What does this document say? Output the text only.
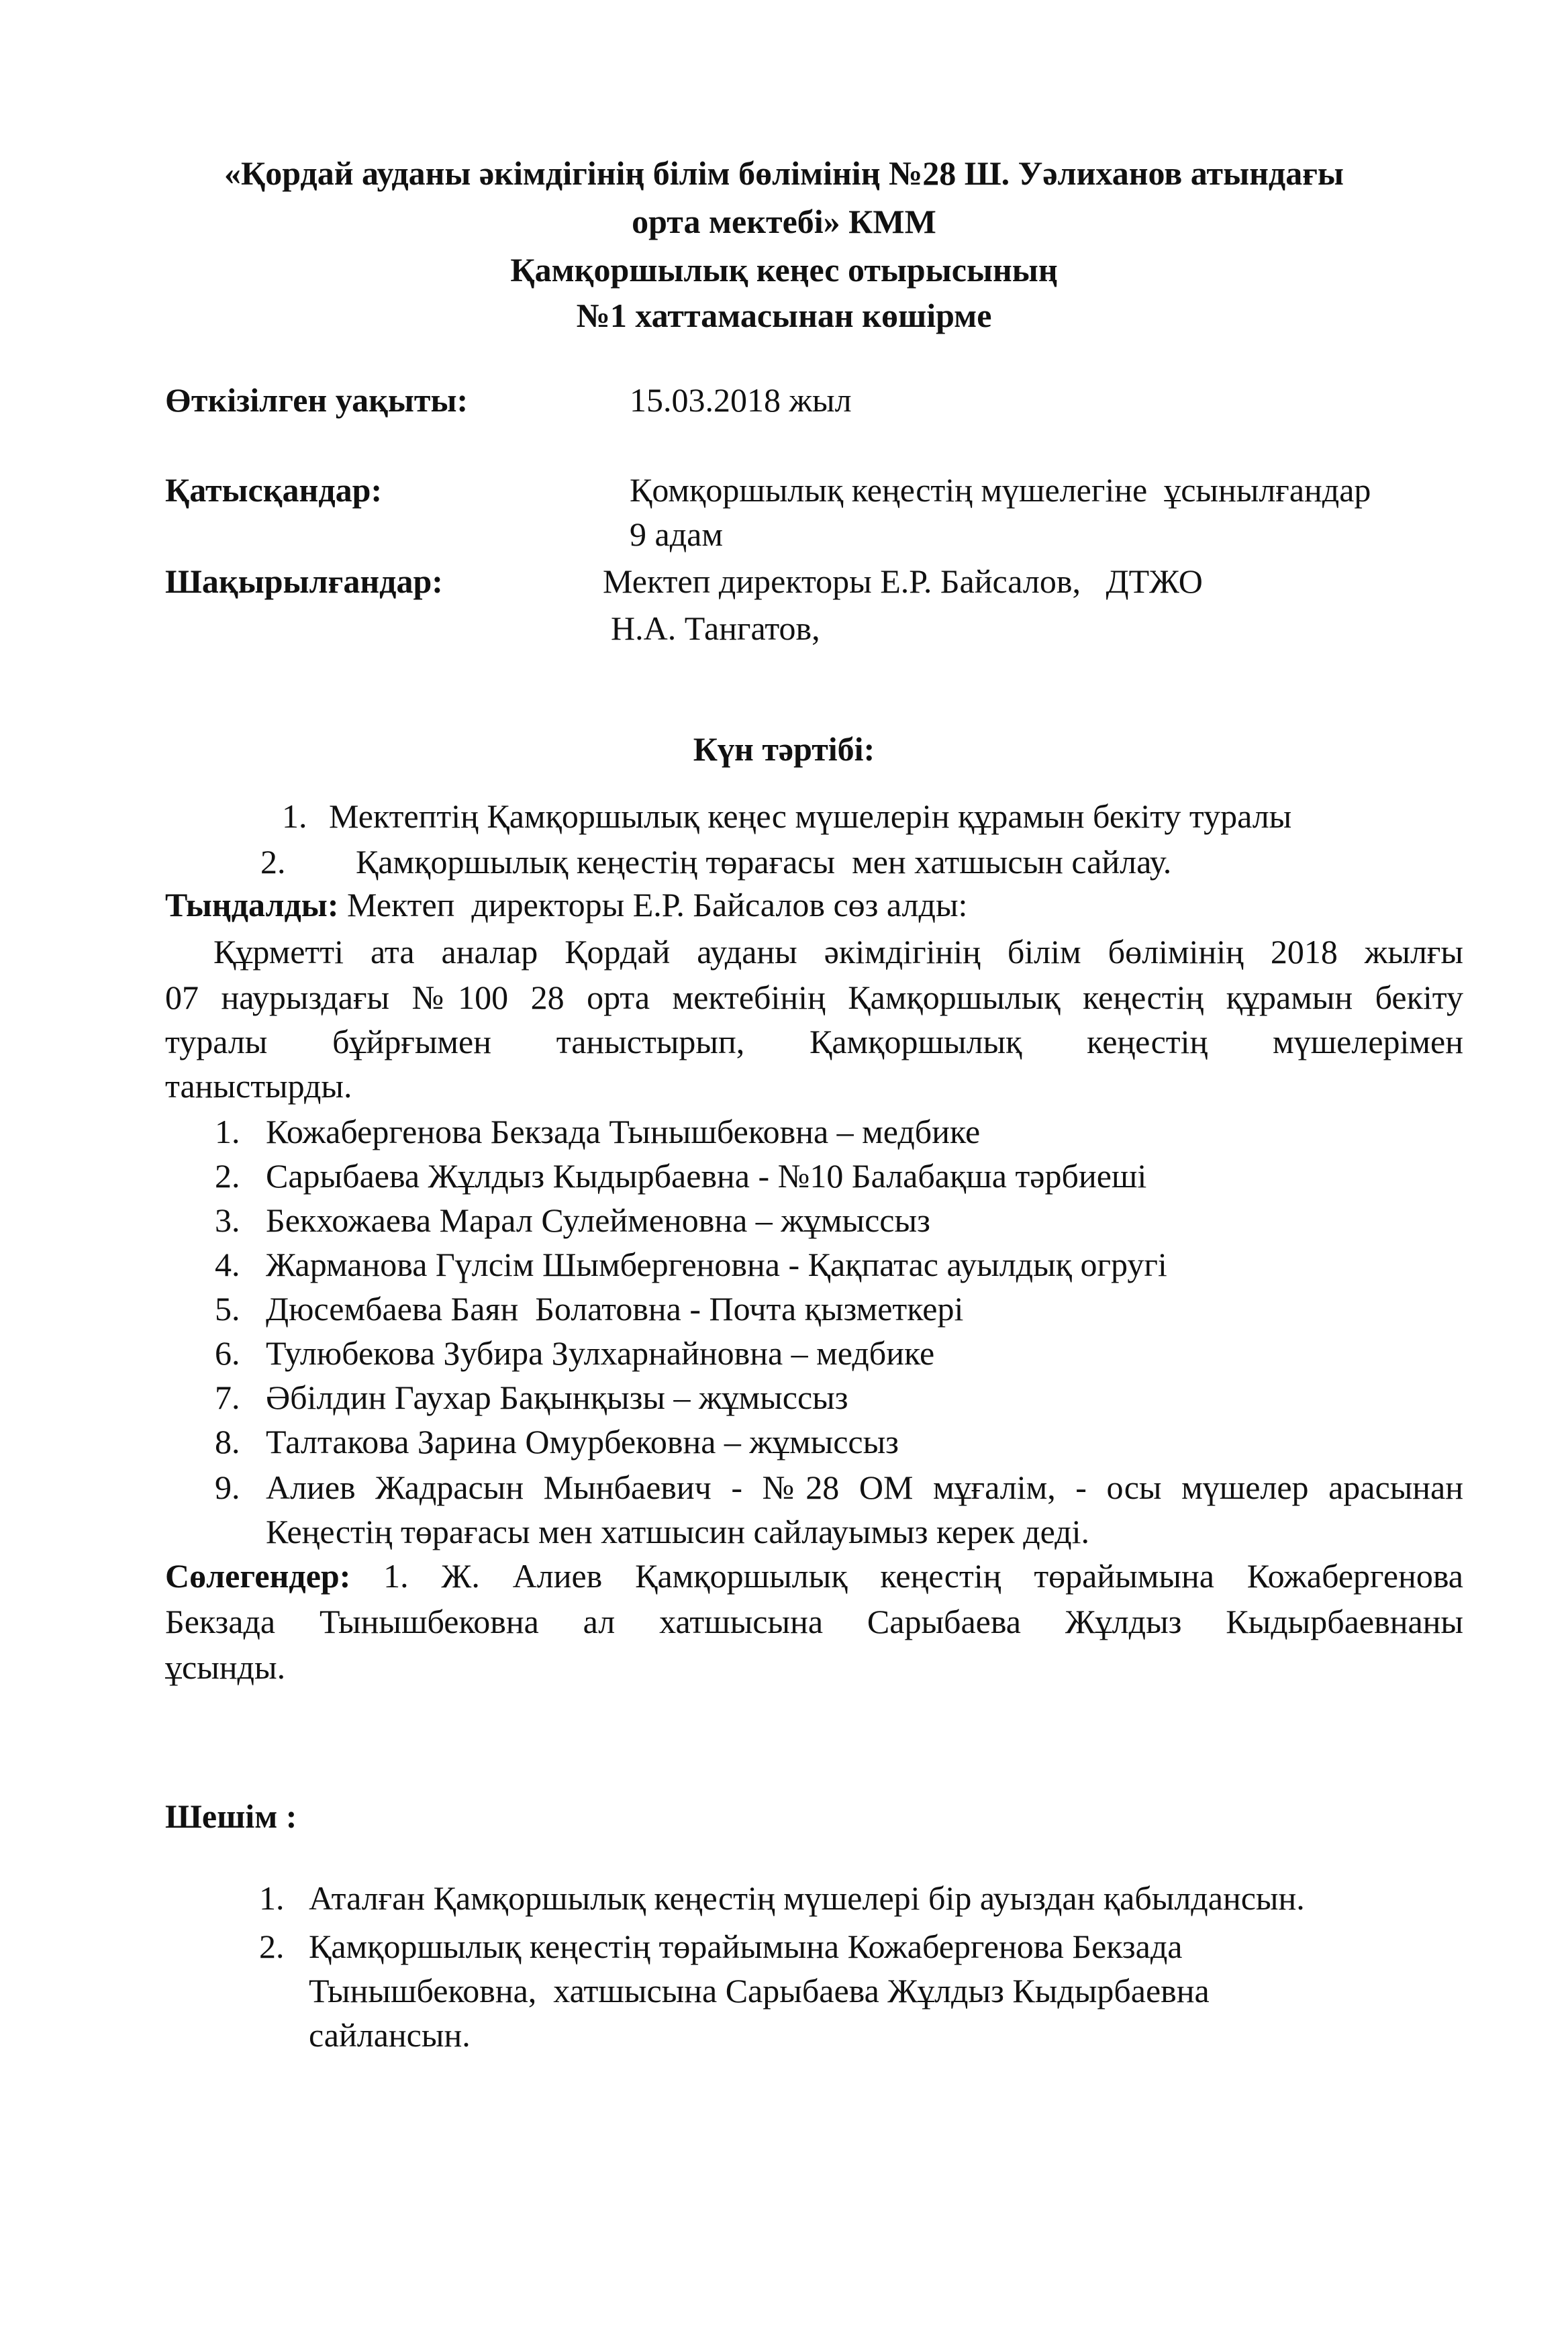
«Қордай ауданы әкімдігінің білім бөлімінің №28 Ш. Уәлиханов атындағы
орта мектебі» КММ
Қамқоршылық кеңес отырысының
№1 хаттамасынан көшірме
Өткізілген уақыты:	15.03.2018 жыл
Қатысқандар:	Қомқоршылық кеңестің мүшелегіне  ұсынылғандар
9 адам
Шақырылғандар:	Мектеп директоры Е.Р. Байсалов,   ДТЖО
Н.А. Тангатов,
Күн тәртібі:
1. Мектептің Қамқоршылық кеңес мүшелерін құрамын бекіту туралы
2. Қамқоршылық кеңестің төрағасы  мен хатшысын сайлау.
Тыңдалды: Мектеп  директоры Е.Р. Байсалов сөз алды:
Құрметті ата аналар Қордай ауданы әкімдігінің білім бөлімінің 2018 жылғы
07 наурыздағы №100 28 орта мектебінің Қамқоршылық кеңестің құрамын бекіту
туралы бұйрғымен таныстырып, Қамқоршылық кеңестің мүшелерімен
таныстырды.
1. Кожабергенова Бекзада Тынышбековна – медбике
2. Сарыбаева Жұлдыз Кыдырбаевна - №10 Балабақша тәрбиеші
3. Бекхожаева Марал Сулейменовна – жұмыссыз
4. Жарманова Гүлсім Шымбергеновна - Қақпатас ауылдық огругі
5. Дюсембаева Баян  Болатовна - Почта қызметкері
6. Тулюбекова Зубира Зулхарнайновна – медбике
7. Әбілдин Гаухар Бақынқызы – жұмыссыз
8. Талтакова Зарина Омурбековна – жұмыссыз
9. Алиев Жадрасын Мынбаевич - №28 ОМ мұғалім, - осы мүшелер арасынан
Кеңестің төрағасы мен хатшысин сайлауымыз керек деді.
Сөлегендер: 1. Ж. Алиев Қамқоршылық кеңестің төрайымына Кожабергенова
Бекзада Тынышбековна ал хатшысына Сарыбаева Жұлдыз Кыдырбаевнаны
ұсынды.
Шешім :
1. Аталған Қамқоршылық кеңестің мүшелері бір ауыздан қабылдансын.
2. Қамқоршылық кеңестің төрайымына Кожабергенова Бекзада
Тынышбековна,  хатшысына Сарыбаева Жұлдыз Кыдырбаевна
сайлансын.
